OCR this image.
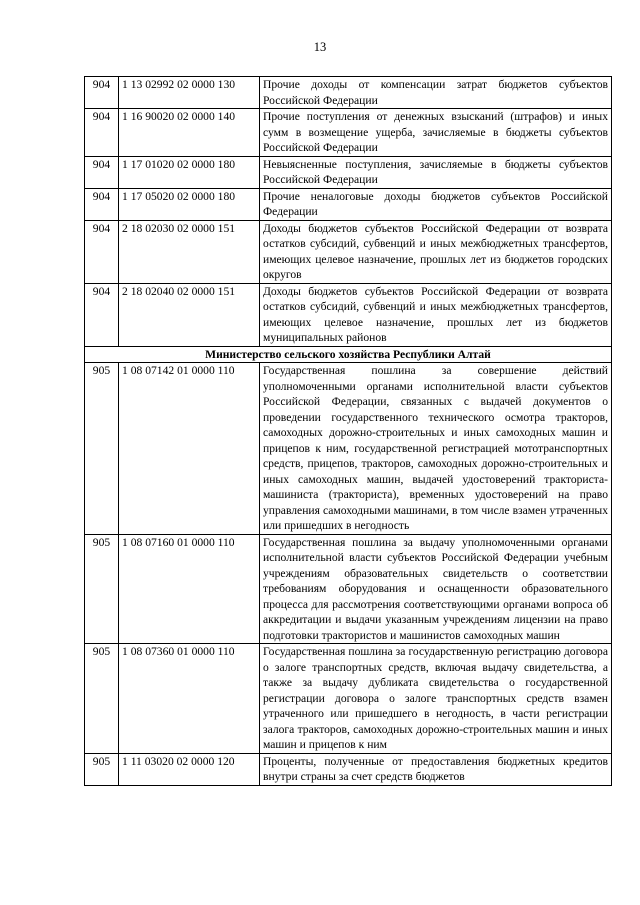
13
904	1 13 02992 02 0000 130	Прочие доходы от компенсации затрат бюджетов субъектов Российской Федерации
904	1 16 90020 02 0000 140	Прочие поступления от денежных взысканий (штрафов) и иных сумм в возмещение ущерба, зачисляемые в бюджеты субъектов Российской Федерации
904	1 17 01020 02 0000 180	Невыясненные поступления, зачисляемые в бюджеты субъектов Российской Федерации
904	1 17 05020 02 0000 180	Прочие неналоговые доходы бюджетов субъектов Российской Федерации
904	2 18 02030 02 0000 151	Доходы бюджетов субъектов Российской Федерации от возврата остатков субсидий, субвенций и иных межбюджетных трансфертов, имеющих целевое назначение, прошлых лет из бюджетов городских округов
904	2 18 02040 02 0000 151	Доходы бюджетов субъектов Российской Федерации от возврата остатков субсидий, субвенций и иных межбюджетных трансфертов, имеющих целевое назначение, прошлых лет из бюджетов муниципальных районов
Министерство сельского хозяйства Республики Алтай		
905	1 08 07142 01 0000 110	Государственная пошлина за совершение действий уполномоченными органами исполнительной власти субъектов Российской Федерации, связанных с выдачей документов о проведении государственного технического осмотра тракторов, самоходных дорожно-строительных и иных самоходных машин и прицепов к ним, государственной регистрацией мототранспортных средств, прицепов, тракторов, самоходных дорожно-строительных и иных самоходных машин, выдачей удостоверений тракториста-машиниста (тракториста), временных удостоверений на право управления самоходными машинами, в том числе взамен утраченных или пришедших в негодность
905	1 08 07160 01 0000 110	Государственная пошлина за выдачу уполномоченными органами исполнительной власти субъектов Российской Федерации учебным учреждениям образовательных свидетельств о соответствии требованиям оборудования и оснащенности образовательного процесса для рассмотрения соответствующими органами вопроса об аккредитации и выдачи указанным учреждениям лицензии на право подготовки трактористов и машинистов самоходных машин
905	1 08 07360 01 0000 110	Государственная пошлина за государственную регистрацию договора о залоге транспортных средств, включая выдачу свидетельства, а также за выдачу дубликата свидетельства о государственной регистрации договора о залоге транспортных средств взамен утраченного или пришедшего в негодность, в части регистрации залога тракторов, самоходных дорожно-строительных машин и иных машин и прицепов к ним
905	1 11 03020 02 0000 120	Проценты, полученные от предоставления бюджетных кредитов внутри страны за счет средств бюджетов
